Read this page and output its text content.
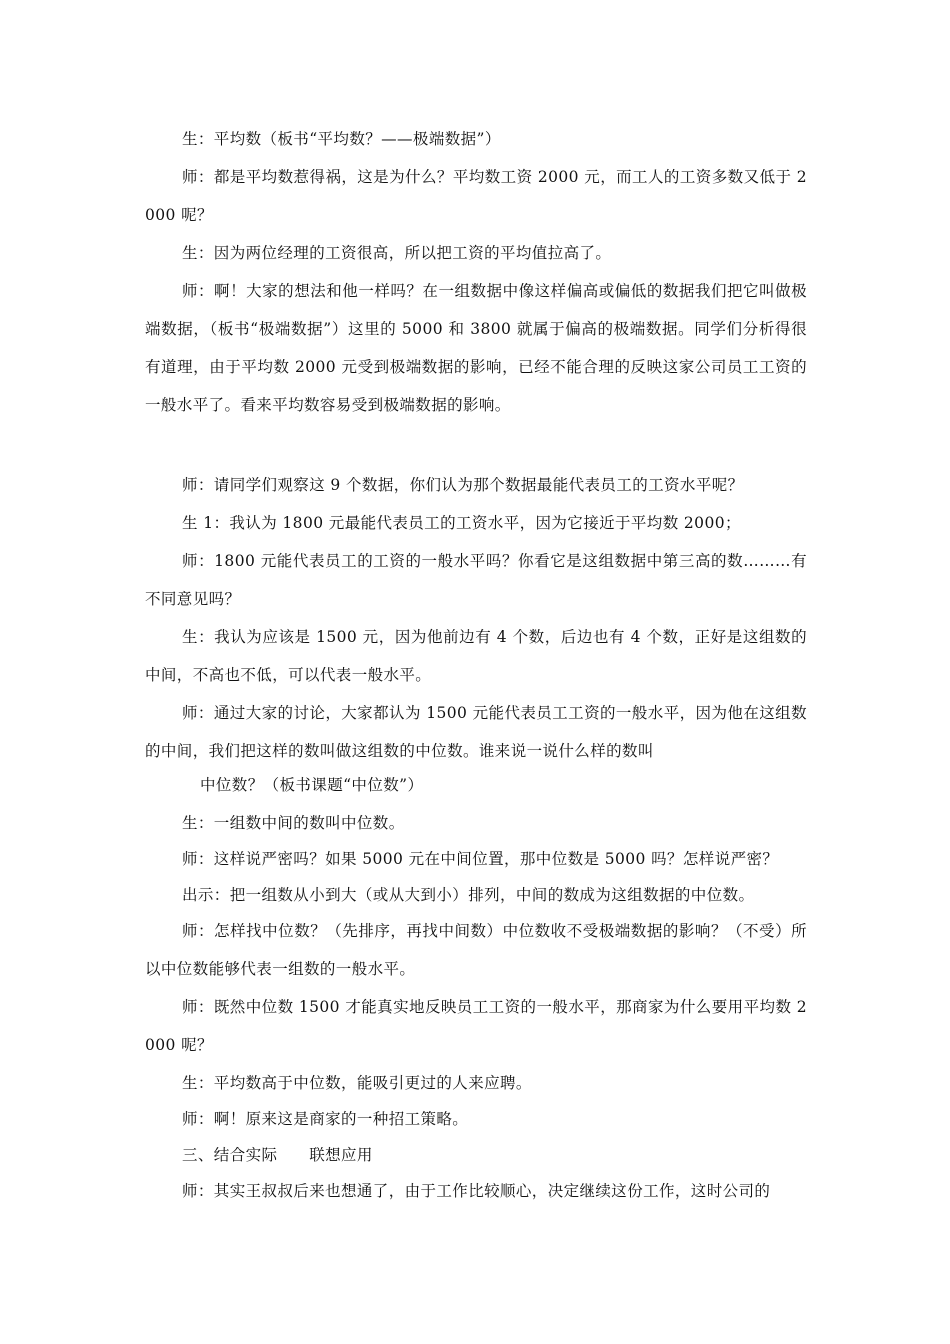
生：平均数（板书“平均数？——极端数据”）

师：都是平均数惹得祸，这是为什么？平均数工资 2000 元，而工人的工资多数又低于 2000 呢？

生：因为两位经理的工资很高，所以把工资的平均值拉高了。

师：啊！大家的想法和他一样吗？在一组数据中像这样偏高或偏低的数据我们把它叫做极端数据，（板书“极端数据”）这里的 5000 和 3800 就属于偏高的极端数据。同学们分析得很有道理，由于平均数 2000 元受到极端数据的影响，已经不能合理的反映这家公司员工工资的一般水平了。看来平均数容易受到极端数据的影响。

师：请同学们观察这 9 个数据，你们认为那个数据最能代表员工的工资水平呢？

生 1：我认为 1800 元最能代表员工的工资水平，因为它接近于平均数 2000；

师：1800 元能代表员工的工资的一般水平吗？你看它是这组数据中第三高的数………有不同意见吗？

生：我认为应该是 1500 元，因为他前边有 4 个数，后边也有 4 个数，正好是这组数的中间，不高也不低，可以代表一般水平。

师：通过大家的讨论，大家都认为 1500 元能代表员工工资的一般水平，因为他在这组数的中间，我们把这样的数叫做这组数的中位数。谁来说一说什么样的数叫

中位数？（板书课题“中位数”）

生：一组数中间的数叫中位数。

师：这样说严密吗？如果 5000 元在中间位置，那中位数是 5000 吗？怎样说严密？

出示：把一组数从小到大（或从大到小）排列，中间的数成为这组数据的中位数。

师：怎样找中位数？（先排序，再找中间数）中位数收不受极端数据的影响？（不受）所以中位数能够代表一组数的一般水平。

师：既然中位数 1500 才能真实地反映员工工资的一般水平，那商家为什么要用平均数 2000 呢？

生：平均数高于中位数，能吸引更过的人来应聘。

师：啊！原来这是商家的一种招工策略。

三、结合实际　　联想应用

师：其实王叔叔后来也想通了，由于工作比较顺心，决定继续这份工作，这时公司的
